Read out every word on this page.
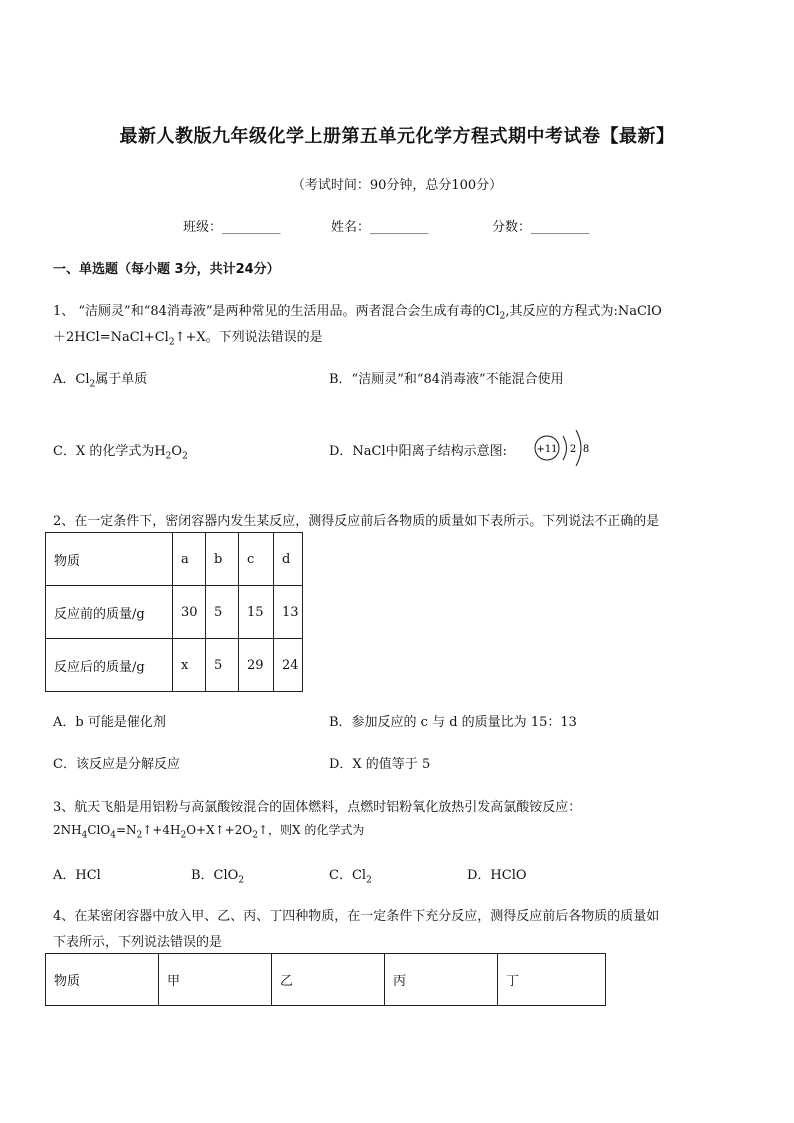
最新人教版九年级化学上册第五单元化学方程式期中考试卷【最新】
（考试时间：90分钟，总分100分）
班级：_________	姓名：_________	分数：_________
一、单选题（每小题 3分，共计24分）
1、 “洁厕灵”和“84消毒液”是两种常见的生活用品。两者混合会生成有毒的$Cl_2$,其反应的方程式为:NaClO
$+2HCl=NaCl+Cl_2↑+X$。下列说法错误的是
A．$Cl_2$属于单质	B．“洁厕灵”和“84消毒液”不能混合使用
C．X 的化学式为$H_2O_2$	D．NaCl中阳离子结构示意图:	+11 2 8
2、在一定条件下，密闭容器内发生某反应，测得反应前后各物质的质量如下表所示。下列说法不正确的是
物质	a	b	c	d
反应前的质量/g	30	5	15	13
反应后的质量/g	x	5	29	24
A．b 可能是催化剂	B．参加反应的 c 与 d 的质量比为 15：13
C．该反应是分解反应	D．X 的值等于 5
3、航天飞船是用铝粉与高氯酸铵混合的固体燃料，点燃时铝粉氧化放热引发高氯酸铵反应：
$2NH_4ClO_4=N_2↑+4H_2O+X↑+2O_2↑$，则X 的化学式为
A．HCl	B．ClO$_2$	C．$Cl_2$	D．HClO
4、在某密闭容器中放入甲、乙、丙、丁四种物质，在一定条件下充分反应，测得反应前后各物质的质量如
下表所示，下列说法错误的是
物质	甲	乙	丙	丁
